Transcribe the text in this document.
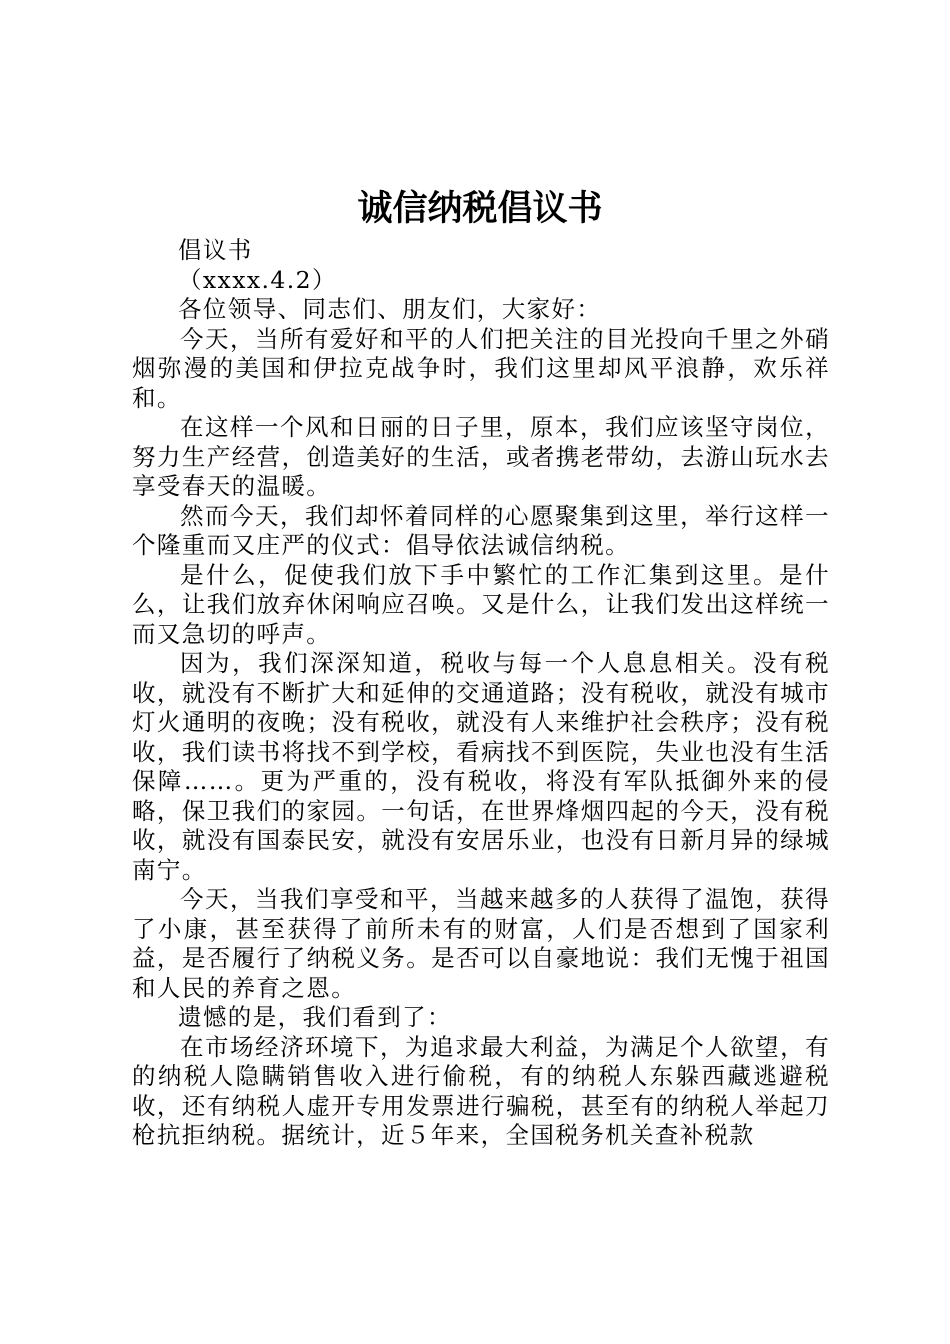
诚信纳税倡议书

倡议书

（xxxx.4.2）

各位领导、同志们、朋友们，大家好：

今天，当所有爱好和平的人们把关注的目光投向千里之外硝烟弥漫的美国和伊拉克战争时，我们这里却风平浪静，欢乐祥和。

在这样一个风和日丽的日子里，原本，我们应该坚守岗位，努力生产经营，创造美好的生活，或者携老带幼，去游山玩水去享受春天的温暖。

然而今天，我们却怀着同样的心愿聚集到这里，举行这样一个隆重而又庄严的仪式：倡导依法诚信纳税。

是什么，促使我们放下手中繁忙的工作汇集到这里。是什么，让我们放弃休闲响应召唤。又是什么，让我们发出这样统一而又急切的呼声。

因为，我们深深知道，税收与每一个人息息相关。没有税收，就没有不断扩大和延伸的交通道路；没有税收，就没有城市灯火通明的夜晚；没有税收，就没有人来维护社会秩序；没有税收，我们读书将找不到学校，看病找不到医院，失业也没有生活保障……。更为严重的，没有税收，将没有军队抵御外来的侵略，保卫我们的家园。一句话，在世界烽烟四起的今天，没有税收，就没有国泰民安，就没有安居乐业，也没有日新月异的绿城南宁。

今天，当我们享受和平，当越来越多的人获得了温饱，获得了小康，甚至获得了前所未有的财富，人们是否想到了国家利益，是否履行了纳税义务。是否可以自豪地说：我们无愧于祖国和人民的养育之恩。

遗憾的是，我们看到了：

在市场经济环境下，为追求最大利益，为满足个人欲望，有的纳税人隐瞒销售收入进行偷税，有的纳税人东躲西藏逃避税收，还有纳税人虚开专用发票进行骗税，甚至有的纳税人举起刀枪抗拒纳税。据统计，近５年来，全国税务机关查补税款
